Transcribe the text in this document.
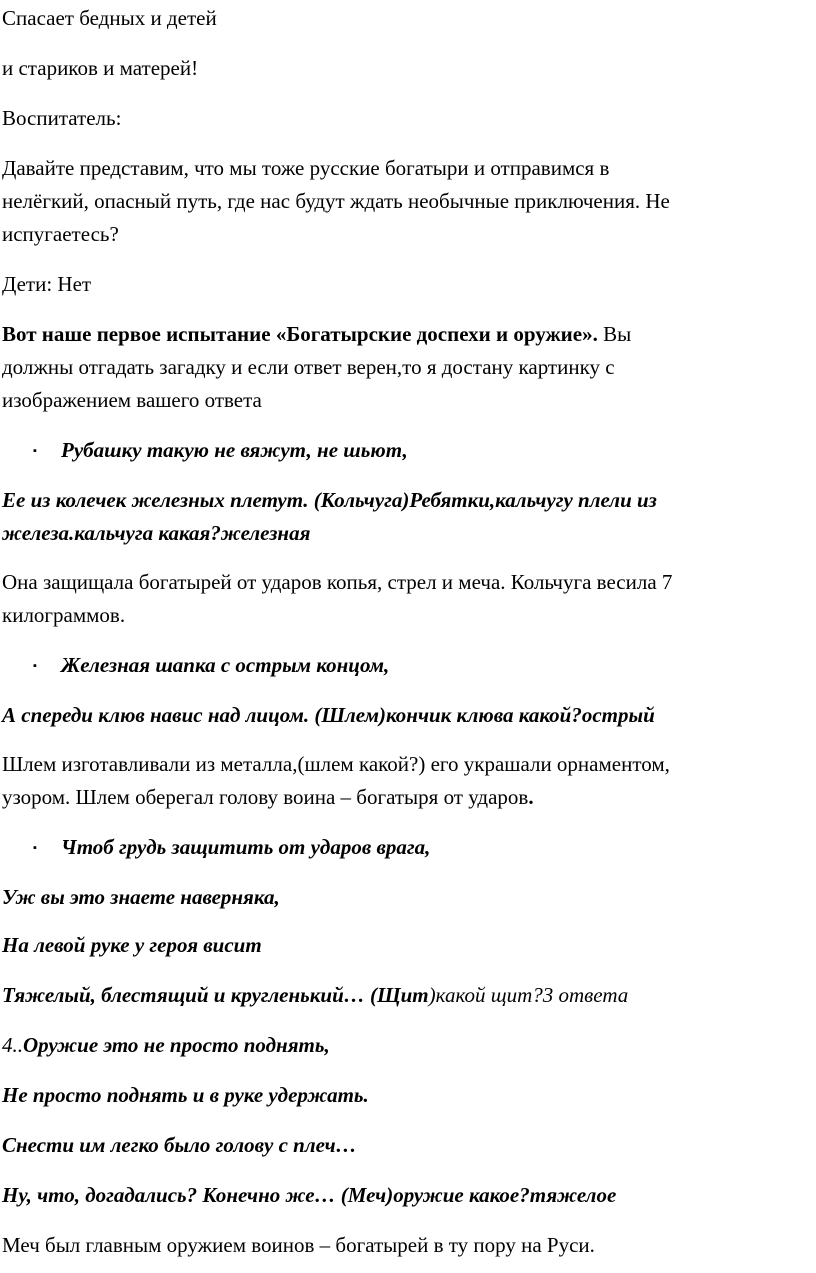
Спасает бедных и детей

и стариков и матерей!

Воспитатель:

Давайте представим, что мы тоже русские богатыри и отправимся в

нелёгкий, опасный путь, где нас будут ждать необычные приключения. Не

испугаетесь?

Дети: Нет

Вот наше первое испытание «Богатырские доспехи и оружие». Вы

должны отгадать загадку и если ответ верен,то я достану картинку с

изображением вашего ответа

▪ Рубашку такую не вяжут, не шьют,

Ее из колечек железных плетут. (Кольчуга)Ребятки,кальчугу плели из

железа.кальчуга какая?железная

Она защищала богатырей от ударов копья, стрел и меча. Кольчуга весила 7

килограммов.

▪ Железная шапка с острым концом,

А спереди клюв навис над лицом. (Шлем)кончик клюва какой?острый

Шлем изготавливали из металла,(шлем какой?) его украшали орнаментом,

узором. Шлем оберегал голову воина – богатыря от ударов.

▪ Чтоб грудь защитить от ударов врага,

Уж вы это знаете наверняка,

На левой руке у героя висит

Тяжелый, блестящий и кругленький… (Щит)какой щит?3 ответа

4..Оружие это не просто поднять,

Не просто поднять и в руке удержать.

Снести им легко было голову с плеч…

Ну, что, догадались? Конечно же… (Меч)оружие какое?тяжелое

Меч был главным оружием воинов – богатырей в ту пору на Руси.
